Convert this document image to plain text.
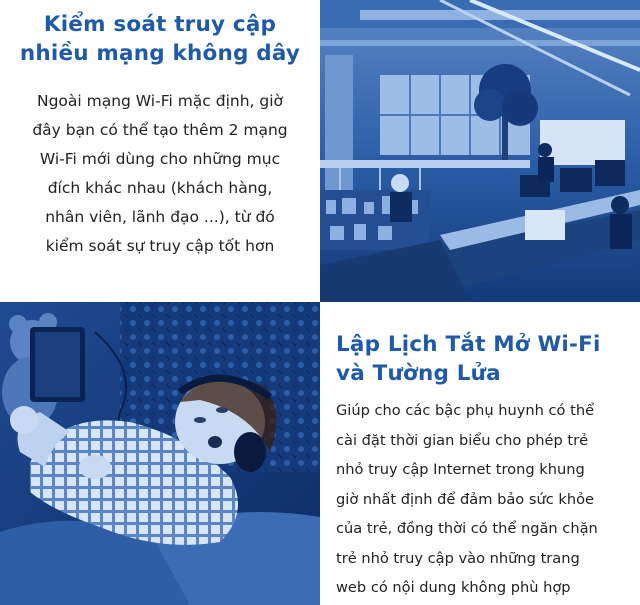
Kiểm soát truy cập
nhiều mạng không dây
Ngoài mạng Wi-Fi mặc định, giờ
đây bạn có thể tạo thêm 2 mạng
Wi-Fi mới dùng cho những mục
đích khác nhau (khách hàng,
nhân viên, lãnh đạo ...), từ đó
kiểm soát sự truy cập tốt hơn
Lập Lịch Tắt Mở Wi-Fi
và Tường Lửa
Giúp cho các bậc phụ huynh có thể
cài đặt thời gian biểu cho phép trẻ
nhỏ truy cập Internet trong khung
giờ nhất định để đảm bảo sức khỏe
của trẻ, đồng thời có thể ngăn chặn
trẻ nhỏ truy cập vào những trang
web có nội dung không phù hợp
